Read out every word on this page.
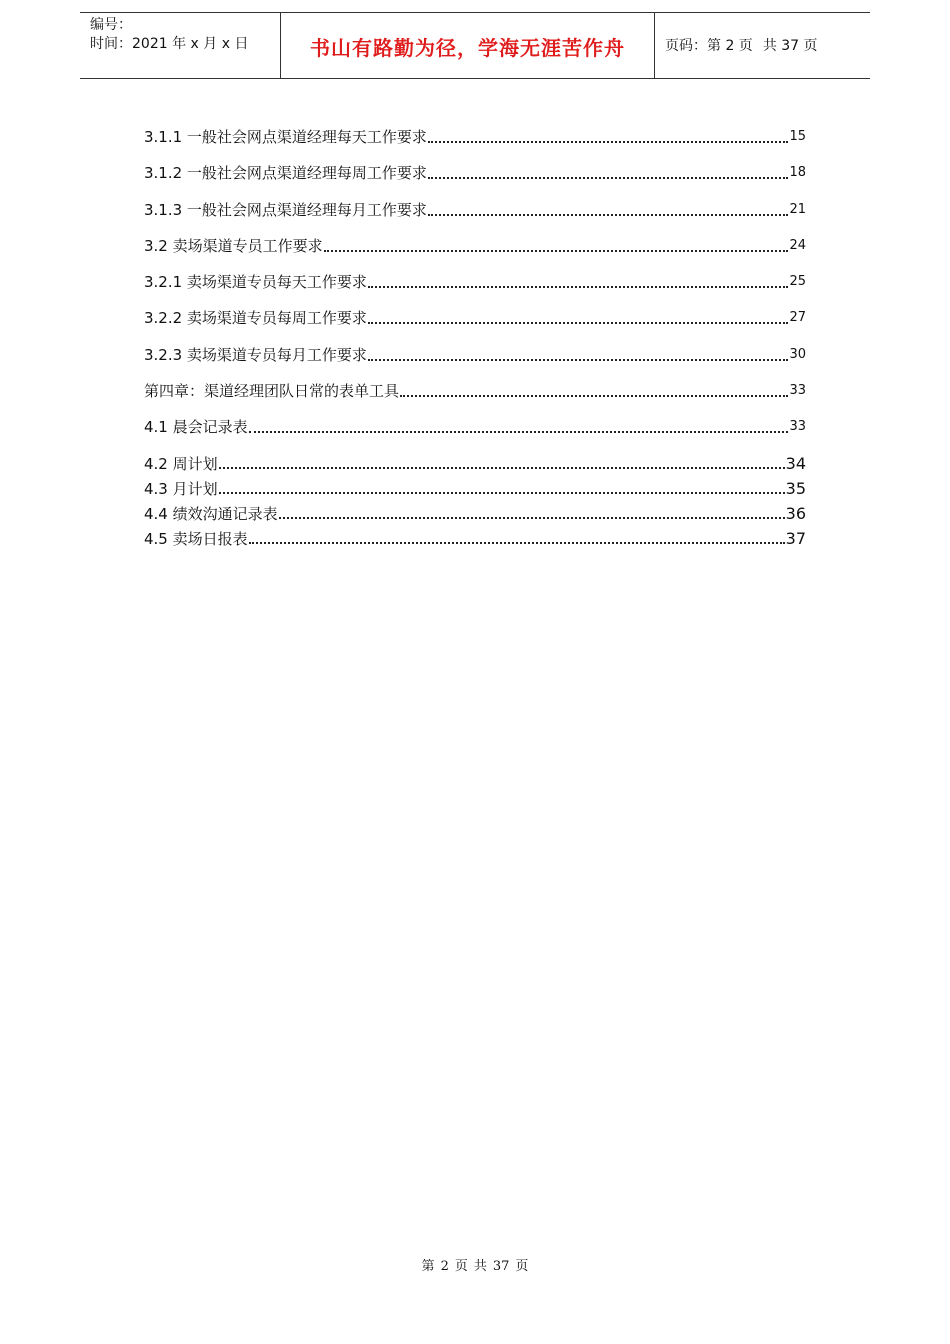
编号：
时间：2021 年 x 月 x 日	书山有路勤为径，学海无涯苦作舟	页码：第 2 页 共 37 页
3.1.1 一般社会网点渠道经理每天工作要求	15
3.1.2 一般社会网点渠道经理每周工作要求	18
3.1.3 一般社会网点渠道经理每月工作要求	21
3.2 卖场渠道专员工作要求	24
3.2.1 卖场渠道专员每天工作要求	25
3.2.2 卖场渠道专员每周工作要求	27
3.2.3 卖场渠道专员每月工作要求	30
第四章：渠道经理团队日常的表单工具	33
4.1 晨会记录表	33
4.2 周计划	34
4.3 月计划	35
4.4 绩效沟通记录表	36
4.5 卖场日报表	37
第 2 页 共 37 页
